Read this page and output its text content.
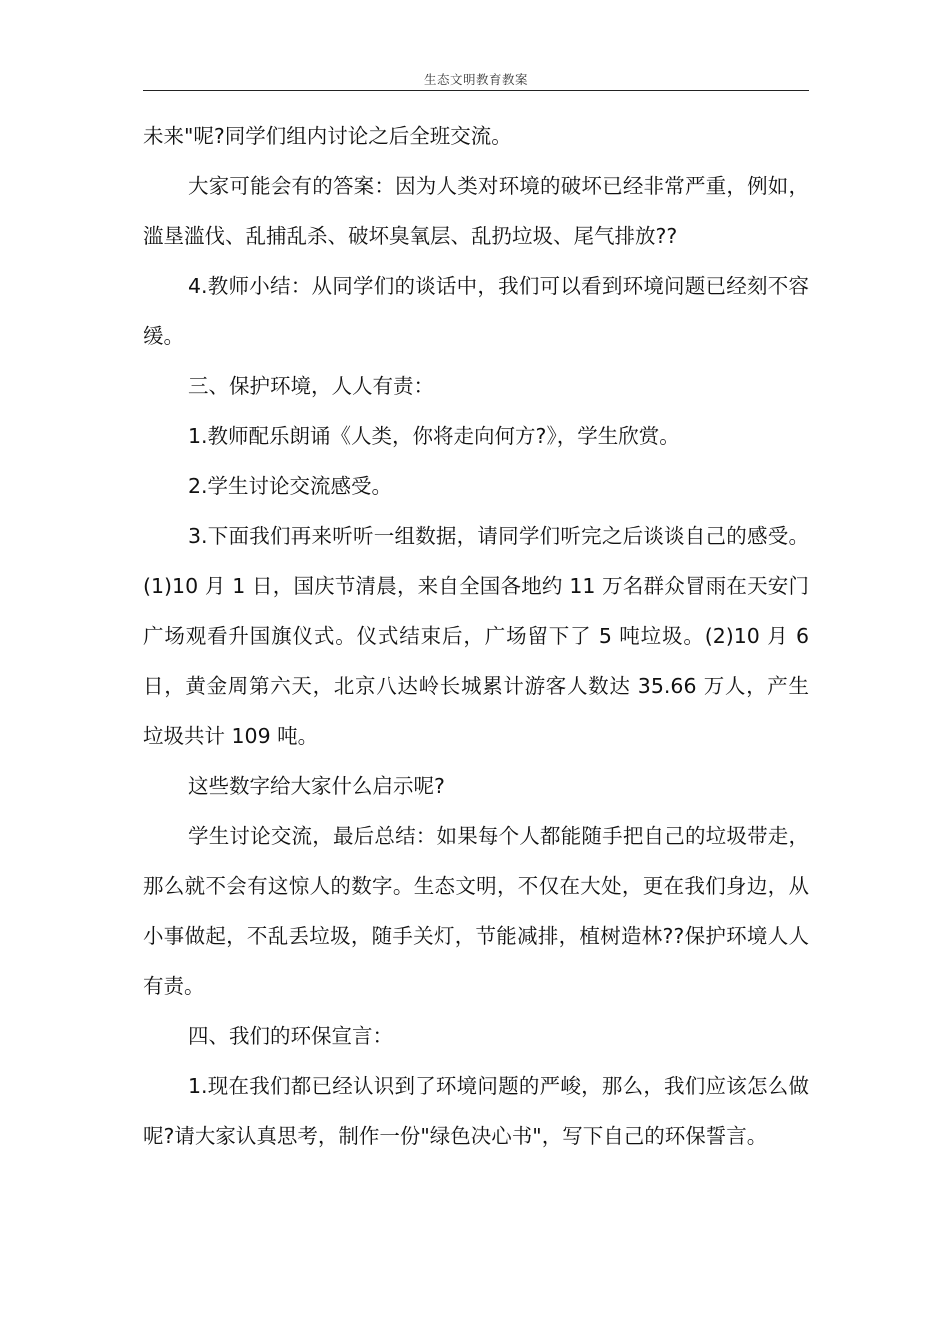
生态文明教育教案

未来"呢?同学们组内讨论之后全班交流。

大家可能会有的答案：因为人类对环境的破坏已经非常严重，例如，滥垦滥伐、乱捕乱杀、破坏臭氧层、乱扔垃圾、尾气排放??

4.教师小结：从同学们的谈话中，我们可以看到环境问题已经刻不容缓。

三、保护环境，人人有责：

1.教师配乐朗诵《人类，你将走向何方?》，学生欣赏。

2.学生讨论交流感受。

3.下面我们再来听听一组数据，请同学们听完之后谈谈自己的感受。(1)10 月 1 日，国庆节清晨，来自全国各地约 11 万名群众冒雨在天安门广场观看升国旗仪式。仪式结束后，广场留下了 5 吨垃圾。(2)10 月 6 日，黄金周第六天，北京八达岭长城累计游客人数达 35.66 万人，产生垃圾共计 109 吨。

这些数字给大家什么启示呢?

学生讨论交流，最后总结：如果每个人都能随手把自己的垃圾带走，那么就不会有这惊人的数字。生态文明，不仅在大处，更在我们身边，从小事做起，不乱丢垃圾，随手关灯，节能减排，植树造林??保护环境人人有责。

四、我们的环保宣言：

1.现在我们都已经认识到了环境问题的严峻，那么，我们应该怎么做呢?请大家认真思考，制作一份"绿色决心书"，写下自己的环保誓言。
